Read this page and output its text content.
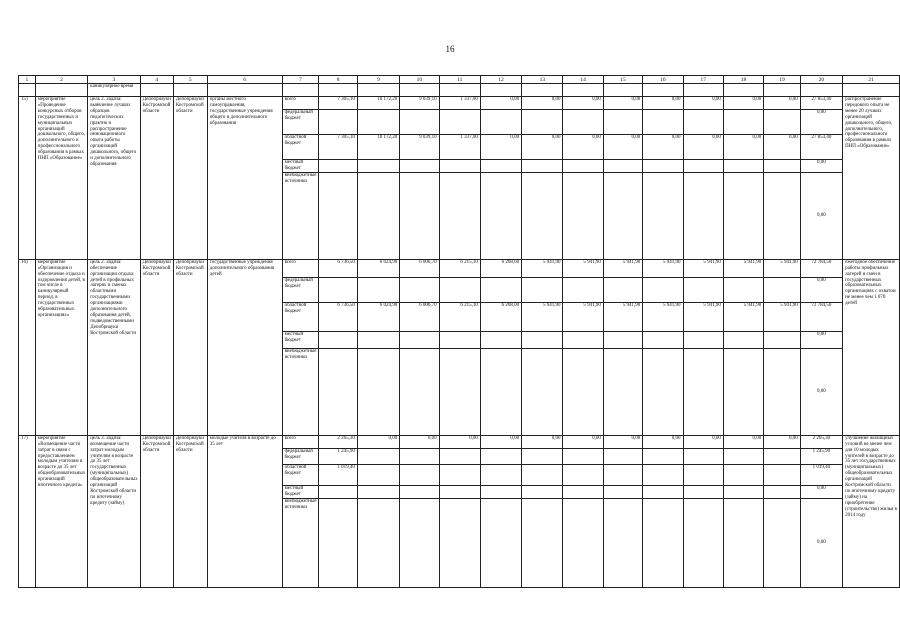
16
1	2	3	4	5	6	7	8	9	10	11	12	13	14	15	16	17	18	19	20	21
		каникулярное время																		
15)	мероприятие «Проведение конкурсных отборов государственных и муниципальных организаций дошкольного, общего, дополнительного и профессионального образования в рамках ПНП «Образование»	цель 2. Задача: выявление лучших образцов педагогических практик и распространение инновационного опыта работы организаций дошкольного, общего и дополнительного образования	Депобрнауки Костромской области	Депобрнауки Костромской области	органы местного самоуправления, государственные учреждения общего и дополнительного образования	всего	7 305,10	10 172,20	9 039,10	1 337,00	0,00	0,00	0,00	0,00	0,00	0,00	0,00	0,00	27 853,40	распространение передового опыта не менее 20 лучших организаций дошкольного, общего, дополнительного, профессионального образования в рамках ПНП «Образование»
						федеральный бюджет													0,00	
						областной бюджет	7 305,10	10 172,20	9 039,10	1 337,00	0,00	0,00	0,00	0,00	0,00	0,00	0,00	0,00	27 853,40	
						местный бюджет													0,00	
						внебюджетные источники													0,00	
16)	мероприятие «Организация и обеспечение отдыха и оздоровления детей, в том числе в каникулярный период, в государственных образовательных организациях»	цель 2. Задача: обеспечение организации отдыха детей в профильных лагерях и сменах областными государственными организациями дополнительного образования детей, подведомственными Депобрнауки Костромской области	Депобрнауки Костромской области	Депобрнауки Костромской области	государственные учреждения дополнительного образования детей	всего	6 736,50	6 024,90	6 006,70	6 215,10	6 208,00	5 941,90	5 941,90	5 941,90	5 941,90	5 941,90	5 941,90	5 941,90	72 784,50	ежегодное обеспечение работы профильных лагерей и смен в государственных образовательных организациях с охватом не менее чем 1 070 детей
						федеральный бюджет													0,00	
						областной бюджет	6 736,50	6 024,90	6 006,70	6 215,10	6 208,00	5 941,90	5 941,90	5 941,90	5 941,90	5 941,90	5 941,90	5 941,90	72 784,50	
						местный бюджет													0,00	
						внебюджетные источники													0,00	
17)	мероприятие «Возмещение части затрат в связи с предоставлением молодым учителям в возрасте до 35 лет общеобразовательных организаций ипотечного кредита»	цель 3. Задача: возмещение части затрат молодым учителям в возрасте до 35 лет государственных (муниципальных) общеобразовательных организаций Костромской области по ипотечному кредиту (займу)	Депобрнауки Костромской области	Депобрнауки Костромской области	молодые учителя в возрасте до 35 лет	всего	2 265,30	0,00	0,00	0,00	0,00	0,00	0,00	0,00	0,00	0,00	0,00	0,00	2 265,30	улучшение жилищных условий не менее чем для 10 молодых учителей в возрасте до 35 лет государственных (муниципальных) общеобразовательных организаций Костромской области по ипотечному кредиту (займу) на приобретение (строительство) жилья в 2014 году
						федеральный бюджет	1 245,90												1 245,90	
						областной бюджет	1 019,40												1 019,40	
						местный бюджет													0,00	
						внебюджетные источники													0,00	
